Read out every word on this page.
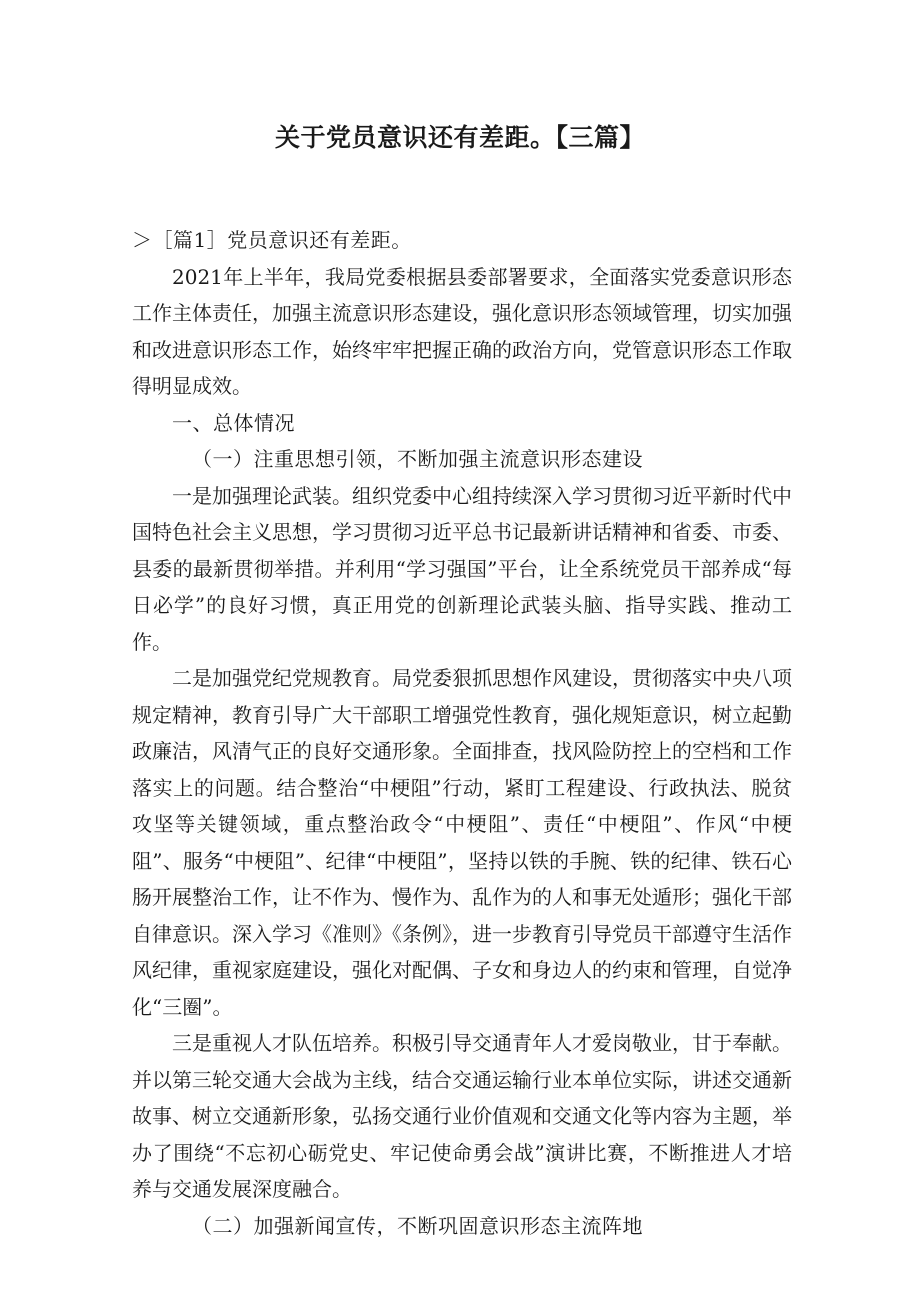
关于党员意识还有差距。【三篇】

＞［篇1］党员意识还有差距。

2021年上半年，我局党委根据县委部署要求，全面落实党委意识形态工作主体责任，加强主流意识形态建设，强化意识形态领域管理，切实加强和改进意识形态工作，始终牢牢把握正确的政治方向，党管意识形态工作取得明显成效。

一、总体情况

（一）注重思想引领，不断加强主流意识形态建设

一是加强理论武装。组织党委中心组持续深入学习贯彻习近平新时代中国特色社会主义思想，学习贯彻习近平总书记最新讲话精神和省委、市委、县委的最新贯彻举措。并利用“学习强国”平台，让全系统党员干部养成“每日必学”的良好习惯，真正用党的创新理论武装头脑、指导实践、推动工作。

二是加强党纪党规教育。局党委狠抓思想作风建设，贯彻落实中央八项规定精神，教育引导广大干部职工增强党性教育，强化规矩意识，树立起勤政廉洁，风清气正的良好交通形象。全面排查，找风险防控上的空档和工作落实上的问题。结合整治“中梗阻”行动，紧盯工程建设、行政执法、脱贫攻坚等关键领域，重点整治政令“中梗阻”、责任“中梗阻”、作风“中梗阻”、服务“中梗阻”、纪律“中梗阻”，坚持以铁的手腕、铁的纪律、铁石心肠开展整治工作，让不作为、慢作为、乱作为的人和事无处遁形；强化干部自律意识。深入学习《准则》《条例》，进一步教育引导党员干部遵守生活作风纪律，重视家庭建设，强化对配偶、子女和身边人的约束和管理，自觉净化“三圈”。

三是重视人才队伍培养。积极引导交通青年人才爱岗敬业，甘于奉献。并以第三轮交通大会战为主线，结合交通运输行业本单位实际，讲述交通新故事、树立交通新形象，弘扬交通行业价值观和交通文化等内容为主题，举办了围绕“不忘初心砺党史、牢记使命勇会战”演讲比赛，不断推进人才培养与交通发展深度融合。

（二）加强新闻宣传，不断巩固意识形态主流阵地
